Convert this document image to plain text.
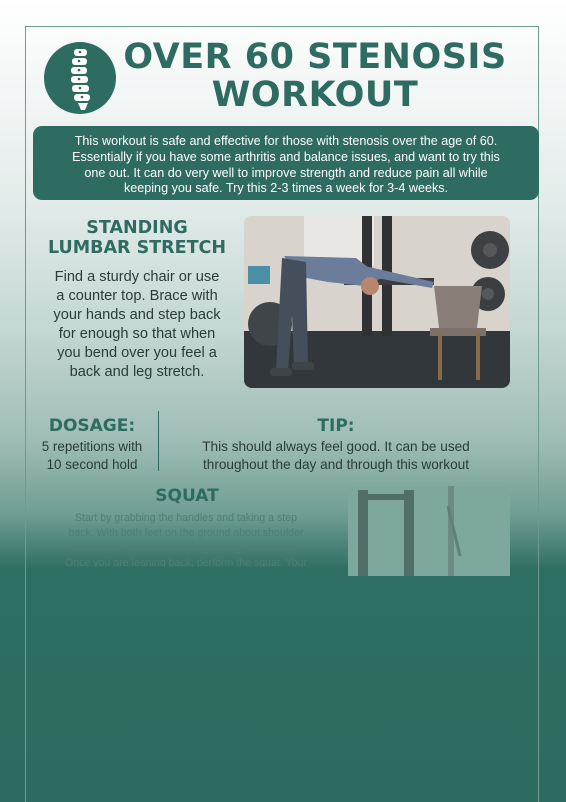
OVER 60 STENOSIS
WORKOUT
This workout is safe and effective for those with stenosis over the age of 60.
Essentially if you have some arthritis and balance issues, and want to try this
one out. It can do very well to improve strength and reduce pain all while
keeping you safe. Try this 2-3 times a week for 3-4 weeks.
STANDING
LUMBAR STRETCH
Find a sturdy chair or use
a counter top. Brace with
your hands and step back
for enough so that when
you bend over you feel a
back and leg stretch.
DOSAGE:
5 repetitions with
10 second hold
TIP:
This should always feel good. It can be used
throughout the day and through this workout
SQUAT
Start by grabbing the handles and taking a step
back. With both feet on the ground about shoulder
width apart, lean back while gripping the handles.
Once you are leaning back, perform the squat. Your
